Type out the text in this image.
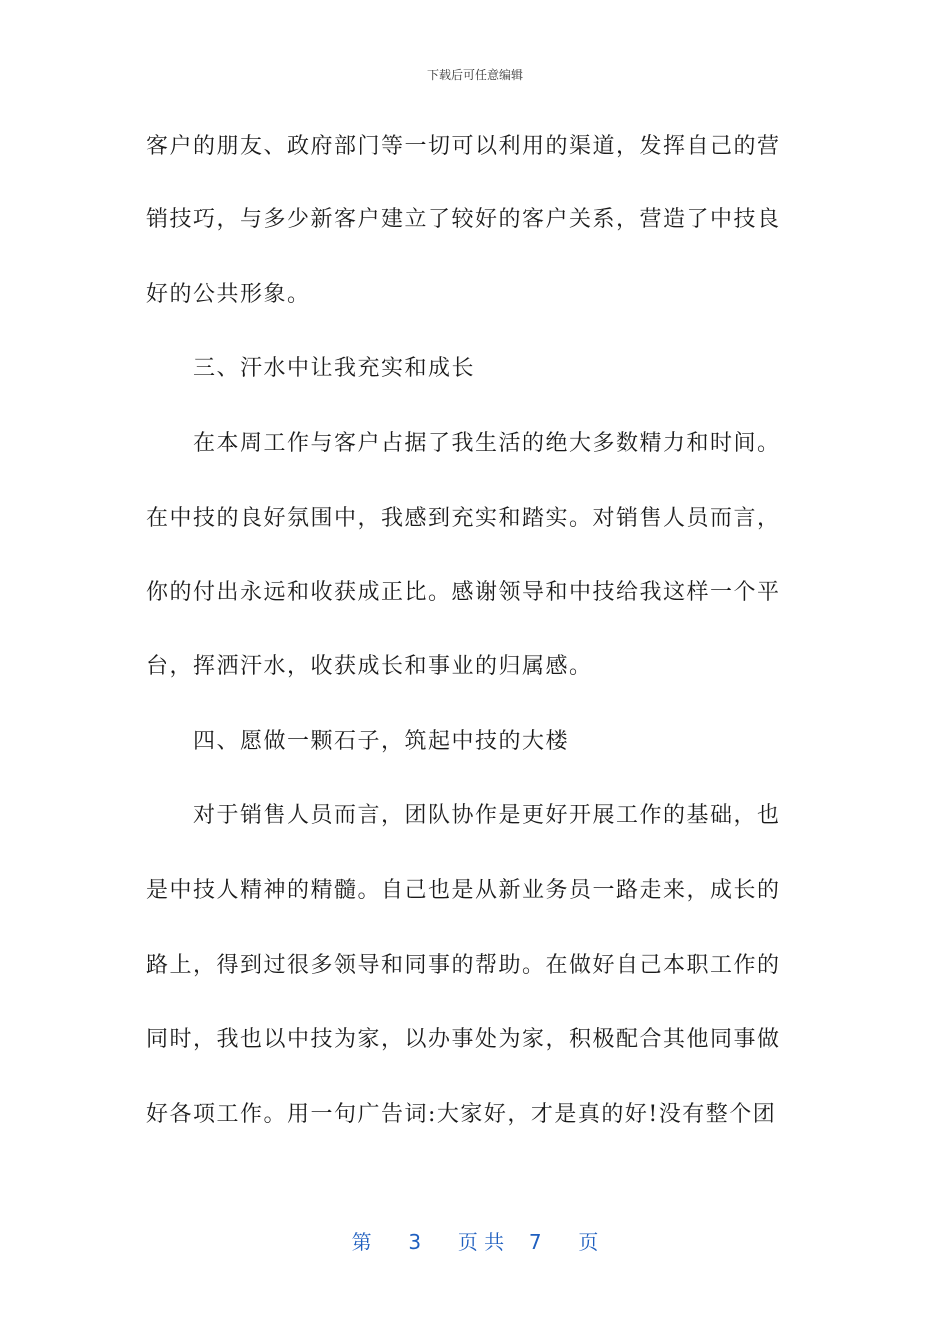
下载后可任意编辑
客户的朋友、政府部门等一切可以利用的渠道，发挥自己的营
销技巧，与多少新客户建立了较好的客户关系，营造了中技良
好的公共形象。
三、汗水中让我充实和成长
在本周工作与客户占据了我生活的绝大多数精力和时间。
在中技的良好氛围中，我感到充实和踏实。对销售人员而言，
你的付出永远和收获成正比。感谢领导和中技给我这样一个平
台，挥洒汗水，收获成长和事业的归属感。
四、愿做一颗石子，筑起中技的大楼
对于销售人员而言，团队协作是更好开展工作的基础，也
是中技人精神的精髓。自己也是从新业务员一路走来，成长的
路上，得到过很多领导和同事的帮助。在做好自己本职工作的
同时，我也以中技为家，以办事处为家，积极配合其他同事做
好各项工作。用一句广告词:大家好，才是真的好!没有整个团
第 3 页 共 7 页
